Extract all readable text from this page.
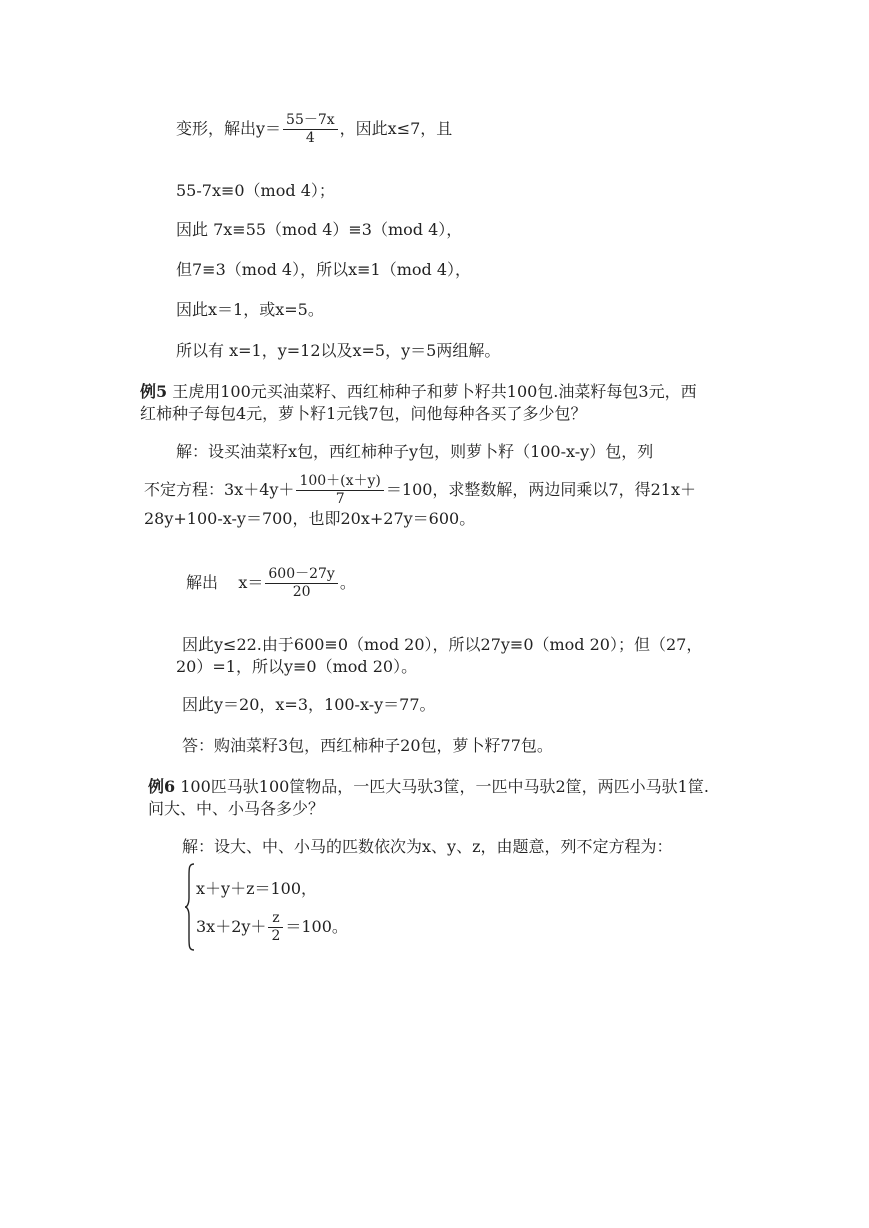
变形，解出$y= \frac{55-7x}{4}$ ，因此x≤7，且
55-7x≡0（mod 4）；
因此 7x≡55（mod 4）≡3（mod 4），
但7≡3（mod 4），所以x≡1（mod 4），
因此x＝1，或x=5。
所以有 x=1，y=12以及x=5，y＝5两组解。
例5 王虎用100元买油菜籽、西红柿种子和萝卜籽共100包.油菜籽每包3元，西
红柿种子每包4元，萝卜籽1元钱7包，问他每种各买了多少包？
解：设买油菜籽x包，西红柿种子y包，则萝卜籽（100-x-y）包，列
不定方程：$3x+4y+ \frac{100+(x+y)}{7} =100$，求整数解，两边同乘以7，得21x＋
28y+100-x-y＝700，也即20x+27y＝600。
解出    $x= \frac{600-27y}{20}$ 。
因此y≤22.由于600≡0（mod 20），所以27y≡0（mod 20）；但（27，
20）=1，所以y≡0（mod 20）。
因此y＝20，x=3，100-x-y＝77。
答：购油菜籽3包，西红柿种子20包，萝卜籽77包。
例6 100匹马驮100筐物品，一匹大马驮3筐，一匹中马驮2筐，两匹小马驮1筐.
问大、中、小马各多少？
解：设大、中、小马的匹数依次为x、y、z，由题意，列不定方程为：
x＋y＋z＝100，
$3x+2y+ \frac{z}{2} =100$。
